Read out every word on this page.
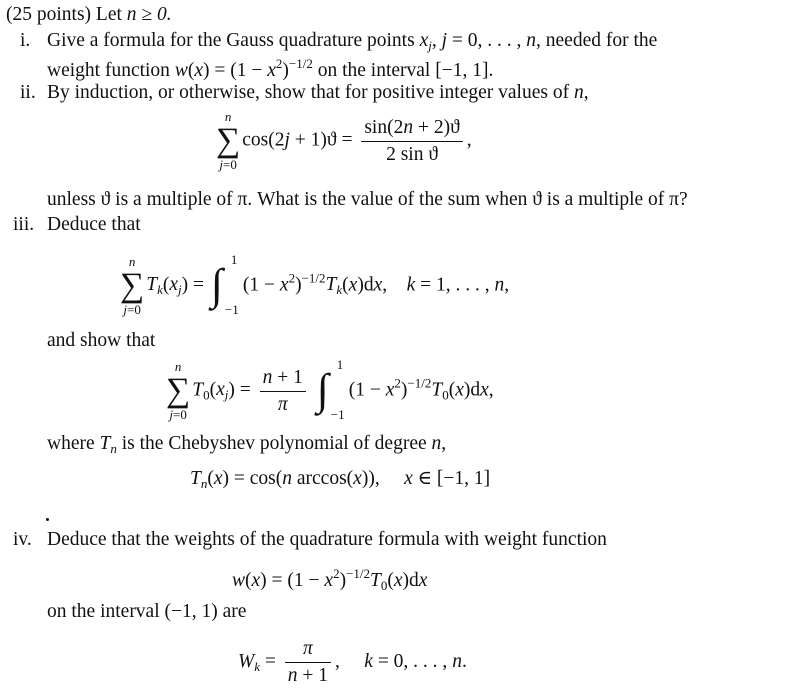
(25 points) Let n ≥ 0.
i. Give a formula for the Gauss quadrature points $x_j$, j = 0, . . . , n, needed for the
weight function $w(x) = (1 - x^2)^{-1/2}$ on the interval [−1, 1].
ii. By induction, or otherwise, show that for positive integer values of n,
n
∑
j=0
$\cos(2j + 1)ϑ = \frac{\sin(2n + 2)ϑ}{\text{2 sin ϑ}}$ ,
unless ϑ is a multiple of π. What is the value of the sum when ϑ is a multiple of π?
iii. Deduce that
n
∑
j=0
$T_k(x_j)$ = ∫
1
−1
$(1 - x^2)^{-1/2}T_k(x)dx$,    k = 1, . . . , n,
and show that
n
∑
j=0
$T_0(x_j) = \frac{n + 1}{\pi}$
∫
1
−1
$(1 - x^2)^{-1/2}T_0(x)dx$,
where $T_n$ is the Chebyshev polynomial of degree n,
$T_n(x) = \cos(n$ arccos(x)),     x ∈ [−1, 1]
iv. Deduce that the weights of the quadrature formula with weight function
$w(x) = (1 - x^2)^{-1/2}T_0(x)dx$
on the interval (−1, 1) are
$W_k = \frac{\pi}{n + 1}$ ,     k = 0, . . . , n.
